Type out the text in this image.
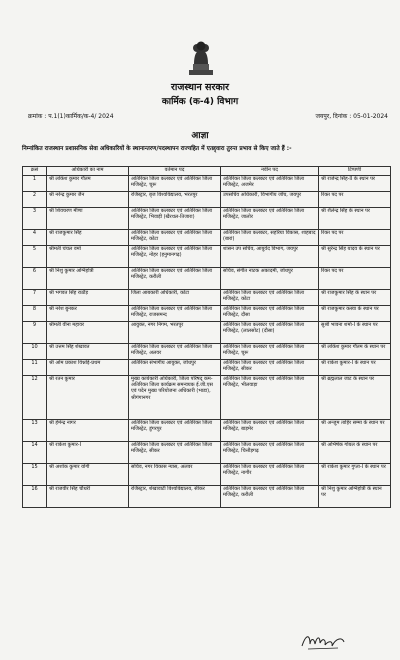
राजस्थान सरकार
कार्मिक (क-4) विभाग
क्रमांक : प.1(1)कार्मिक/क-4/ 2024	जयपुर, दिनांक : 05-01-2024
आज्ञा
निम्नांकित राजस्थान प्रशासनिक सेवा अधिकारियों के स्थानान्तरण/पदस्थापन राज्यहित में एतद्द्वारा तुरन्त प्रभाव से किए जाते हैं :-
क्रसं	अधिकारी का नाम	वर्तमान पद	नवीन पद	टिप्पणी
1	श्री लोकेश कुमार गौतम	अतिरिक्त जिला कलक्टर एवं अतिरिक्त जिला मजिस्ट्रेट, चूरू	अतिरिक्त जिला कलक्टर एवं अतिरिक्त जिला मजिस्ट्रेट, अजमेर	श्री राजेन्द्र सिंह-II के स्थान पर
2	श्री नरेन्द्र कुमार जैन	रजिस्ट्रार, बृज विश्वविद्यालय, भरतपुर	उपसचिव अधिकारी, विभागीय जाँच, जयपुर	रिक्त पद पर
3	श्री शिवचरण मीणा	अतिरिक्त जिला कलक्टर एवं अतिरिक्त जिला मजिस्ट्रेट, भिवाड़ी (खैरथल-तिजारा)	अतिरिक्त जिला कलक्टर एवं अतिरिक्त जिला मजिस्ट्रेट, जालोर	श्री शैलेन्द्र सिंह के स्थान पर
4	श्री राजकुमार सिंह	अतिरिक्त जिला कलक्टर एवं अतिरिक्त जिला मजिस्ट्रेट, कोटा	अतिरिक्त जिला कलक्टर, सहरिया विकास, शाहबाद (बारां)	रिक्त पद पर
5	श्रीमती चंचल वर्मा	अतिरिक्त जिला कलक्टर एवं अतिरिक्त जिला मजिस्ट्रेट, नोहर (हनुमानगढ़)	शासन उप सचिव, आयुर्वेद विभाग, जयपुर	श्री सुरेन्द्र सिंह यादव के स्थान पर
6	श्री निशु कुमार अग्निहोत्री	अतिरिक्त जिला कलक्टर एवं अतिरिक्त जिला मजिस्ट्रेट, करौली	सचिव, संगीत नाटक अकादमी, जोधपुर	रिक्त पद पर
7	श्री भगवत सिंह राठौड़	जिला आबकारी अधिकारी, कोटा	अतिरिक्त जिला कलक्टर एवं अतिरिक्त जिला मजिस्ट्रेट, कोटा	श्री राजकुमार सिंह के स्थान पर
8	श्री नरेश बुनकर	अतिरिक्त जिला कलक्टर एवं अतिरिक्त जिला मजिस्ट्रेट, राजसमन्द	अतिरिक्त जिला कलक्टर एवं अतिरिक्त जिला मजिस्ट्रेट, दौसा	श्री राजकुमार कस्वा के स्थान पर
9	श्रीमती वीना महावर	आयुक्त, नगर निगम, भरतपुर	अतिरिक्त जिला कलक्टर एवं अतिरिक्त जिला मजिस्ट्रेट, (लालसोट) (दौसा)	सुश्री भावना शर्मा-I के स्थान पर
10	श्री उत्तम सिंह शेखावत	अतिरिक्त जिला कलक्टर एवं अतिरिक्त जिला मजिस्ट्रेट, अलवर	अतिरिक्त जिला कलक्टर एवं अतिरिक्त जिला मजिस्ट्रेट, चूरू	श्री लोकेश कुमार गौतम के स्थान पर
11	श्री ओम प्रकाश विश्नोई-प्रथम	अतिरिक्त संभागीय आयुक्त, जोधपुर	अतिरिक्त जिला कलक्टर एवं अतिरिक्त जिला मजिस्ट्रेट, सीकर	श्री राकेश कुमार-I के स्थान पर
12	श्री रतन कुमार	मुख्य कार्यकारी अधिकारी, जिला परिषद् कम- अतिरिक्त जिला कार्यक्रम समन्वयक ई.जी.एस एवं पदेन मुख्य परियोजना अधिकारी (भाडा), श्रीगंगानगर	अतिरिक्त जिला कलक्टर एवं अतिरिक्त जिला मजिस्ट्रेट, भीलवाड़ा	श्री ब्रह्मलाल जाट के स्थान पर
13	श्री हेमेन्द्र नागर	अतिरिक्त जिला कलक्टर एवं अतिरिक्त जिला मजिस्ट्रेट, डूंगरपुर	अतिरिक्त जिला कलक्टर एवं अतिरिक्त जिला मजिस्ट्रेट, बाड़मेर	श्री अन्जुम ताहिर सम्मा के स्थान पर
14	श्री राकेश कुमार-I	अतिरिक्त जिला कलक्टर एवं अतिरिक्त जिला मजिस्ट्रेट, सीकर	अतिरिक्त जिला कलक्टर एवं अतिरिक्त जिला मजिस्ट्रेट, चित्तौड़गढ़	श्री अभिषेक गोयल के स्थान पर
15	श्री अशोक कुमार योगी	सचिव, नगर विकास न्यास, अलवर	अतिरिक्त जिला कलक्टर एवं अतिरिक्त जिला मजिस्ट्रेट, नागौर	श्री राकेश कुमार गुप्ता-I के स्थान पर
16	श्री राजवीर सिंह चौधरी	रजिस्ट्रार, शेखावाटी विश्वविद्यालय, सीकर	अतिरिक्त जिला कलक्टर एवं अतिरिक्त जिला मजिस्ट्रेट, करौली	श्री निशु कुमार अग्निहोत्री के स्थान पर
